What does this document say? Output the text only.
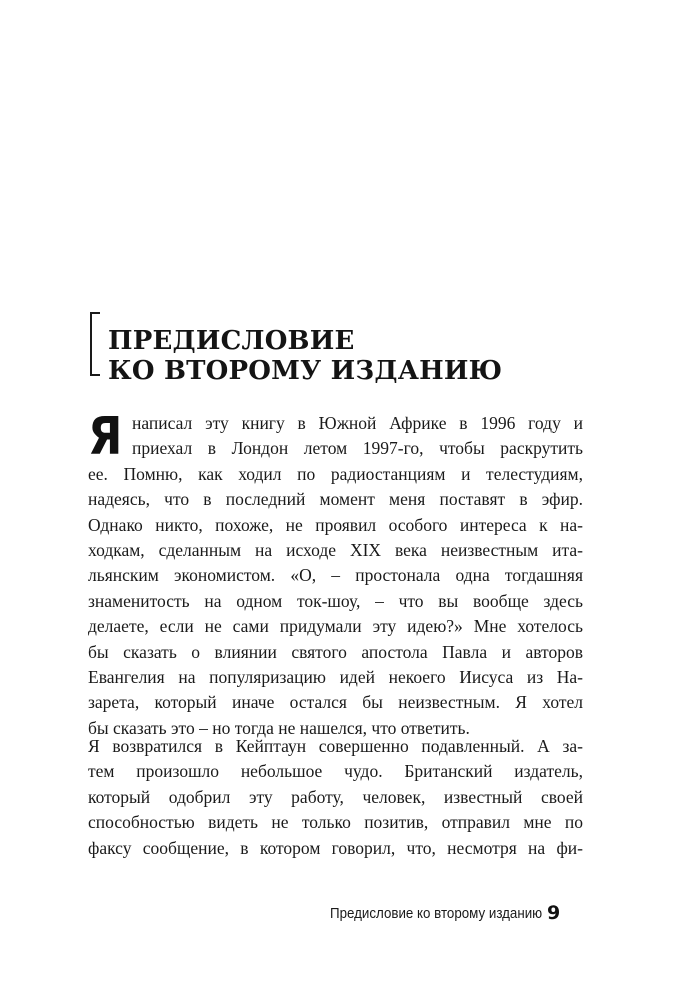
ПРЕДИСЛОВИЕ
КО ВТОРОМУ ИЗДАНИЮ
Я написал эту книгу в Южной Африке в 1996 году и
приехал в Лондон летом 1997-го, чтобы раскрутить
ее. Помню, как ходил по радиостанциям и телестудиям,
надеясь, что в последний момент меня поставят в эфир.
Однако никто, похоже, не проявил особого интереса к на-
ходкам, сделанным на исходе XIX века неизвестным ита-
льянским экономистом. «О, – простонала одна тогдашняя
знаменитость на одном ток-шоу, – что вы вообще здесь
делаете, если не сами придумали эту идею?» Мне хотелось
бы сказать о влиянии святого апостола Павла и авторов
Евангелия на популяризацию идей некоего Иисуса из На-
зарета, который иначе остался бы неизвестным. Я хотел
бы сказать это – но тогда не нашелся, что ответить.
Я возвратился в Кейптаун совершенно подавленный. А за-
тем произошло небольшое чудо. Британский издатель,
который одобрил эту работу, человек, известный своей
способностью видеть не только позитив, отправил мне по
факсу сообщение, в котором говорил, что, несмотря на фи-
Предисловие ко второму изданию 9
